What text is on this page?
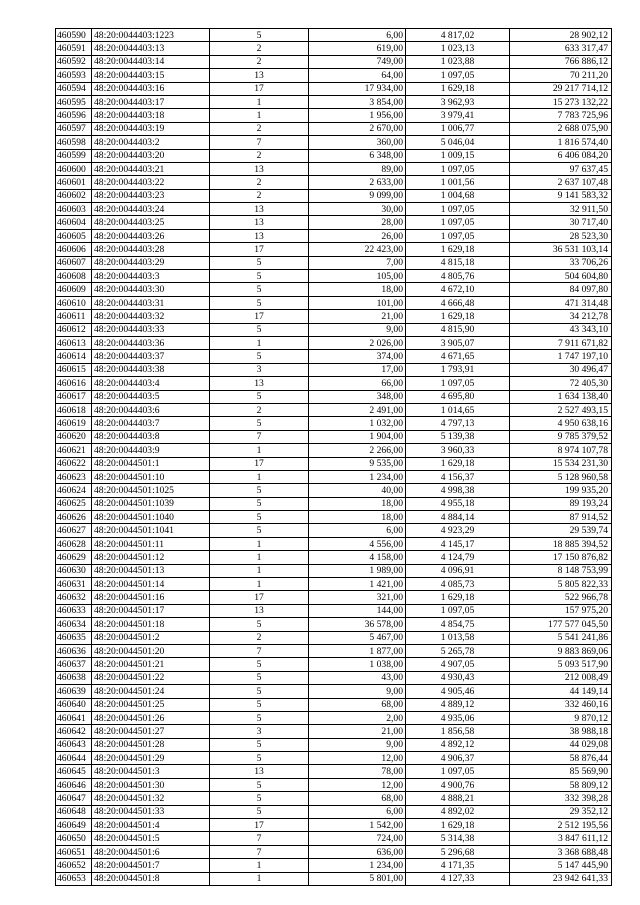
460590	48:20:0044403:1223	5	6,00	4 817,02	28 902,12
460591	48:20:0044403:13	2	619,00	1 023,13	633 317,47
460592	48:20:0044403:14	2	749,00	1 023,88	766 886,12
460593	48:20:0044403:15	13	64,00	1 097,05	70 211,20
460594	48:20:0044403:16	17	17 934,00	1 629,18	29 217 714,12
460595	48:20:0044403:17	1	3 854,00	3 962,93	15 273 132,22
460596	48:20:0044403:18	1	1 956,00	3 979,41	7 783 725,96
460597	48:20:0044403:19	2	2 670,00	1 006,77	2 688 075,90
460598	48:20:0044403:2	7	360,00	5 046,04	1 816 574,40
460599	48:20:0044403:20	2	6 348,00	1 009,15	6 406 084,20
460600	48:20:0044403:21	13	89,00	1 097,05	97 637,45
460601	48:20:0044403:22	2	2 633,00	1 001,56	2 637 107,48
460602	48:20:0044403:23	2	9 099,00	1 004,68	9 141 583,32
460603	48:20:0044403:24	13	30,00	1 097,05	32 911,50
460604	48:20:0044403:25	13	28,00	1 097,05	30 717,40
460605	48:20:0044403:26	13	26,00	1 097,05	28 523,30
460606	48:20:0044403:28	17	22 423,00	1 629,18	36 531 103,14
460607	48:20:0044403:29	5	7,00	4 815,18	33 706,26
460608	48:20:0044403:3	5	105,00	4 805,76	504 604,80
460609	48:20:0044403:30	5	18,00	4 672,10	84 097,80
460610	48:20:0044403:31	5	101,00	4 666,48	471 314,48
460611	48:20:0044403:32	17	21,00	1 629,18	34 212,78
460612	48:20:0044403:33	5	9,00	4 815,90	43 343,10
460613	48:20:0044403:36	1	2 026,00	3 905,07	7 911 671,82
460614	48:20:0044403:37	5	374,00	4 671,65	1 747 197,10
460615	48:20:0044403:38	3	17,00	1 793,91	30 496,47
460616	48:20:0044403:4	13	66,00	1 097,05	72 405,30
460617	48:20:0044403:5	5	348,00	4 695,80	1 634 138,40
460618	48:20:0044403:6	2	2 491,00	1 014,65	2 527 493,15
460619	48:20:0044403:7	5	1 032,00	4 797,13	4 950 638,16
460620	48:20:0044403:8	7	1 904,00	5 139,38	9 785 379,52
460621	48:20:0044403:9	1	2 266,00	3 960,33	8 974 107,78
460622	48:20:0044501:1	17	9 535,00	1 629,18	15 534 231,30
460623	48:20:0044501:10	1	1 234,00	4 156,37	5 128 960,58
460624	48:20:0044501:1025	5	40,00	4 998,38	199 935,20
460625	48:20:0044501:1039	5	18,00	4 955,18	89 193,24
460626	48:20:0044501:1040	5	18,00	4 884,14	87 914,52
460627	48:20:0044501:1041	5	6,00	4 923,29	29 539,74
460628	48:20:0044501:11	1	4 556,00	4 145,17	18 885 394,52
460629	48:20:0044501:12	1	4 158,00	4 124,79	17 150 876,82
460630	48:20:0044501:13	1	1 989,00	4 096,91	8 148 753,99
460631	48:20:0044501:14	1	1 421,00	4 085,73	5 805 822,33
460632	48:20:0044501:16	17	321,00	1 629,18	522 966,78
460633	48:20:0044501:17	13	144,00	1 097,05	157 975,20
460634	48:20:0044501:18	5	36 578,00	4 854,75	177 577 045,50
460635	48:20:0044501:2	2	5 467,00	1 013,58	5 541 241,86
460636	48:20:0044501:20	7	1 877,00	5 265,78	9 883 869,06
460637	48:20:0044501:21	5	1 038,00	4 907,05	5 093 517,90
460638	48:20:0044501:22	5	43,00	4 930,43	212 008,49
460639	48:20:0044501:24	5	9,00	4 905,46	44 149,14
460640	48:20:0044501:25	5	68,00	4 889,12	332 460,16
460641	48:20:0044501:26	5	2,00	4 935,06	9 870,12
460642	48:20:0044501:27	3	21,00	1 856,58	38 988,18
460643	48:20:0044501:28	5	9,00	4 892,12	44 029,08
460644	48:20:0044501:29	5	12,00	4 906,37	58 876,44
460645	48:20:0044501:3	13	78,00	1 097,05	85 569,90
460646	48:20:0044501:30	5	12,00	4 900,76	58 809,12
460647	48:20:0044501:32	5	68,00	4 888,21	332 398,28
460648	48:20:0044501:33	5	6,00	4 892,02	29 352,12
460649	48:20:0044501:4	17	1 542,00	1 629,18	2 512 195,56
460650	48:20:0044501:5	7	724,00	5 314,38	3 847 611,12
460651	48:20:0044501:6	7	636,00	5 296,68	3 368 688,48
460652	48:20:0044501:7	1	1 234,00	4 171,35	5 147 445,90
460653	48:20:0044501:8	1	5 801,00	4 127,33	23 942 641,33
